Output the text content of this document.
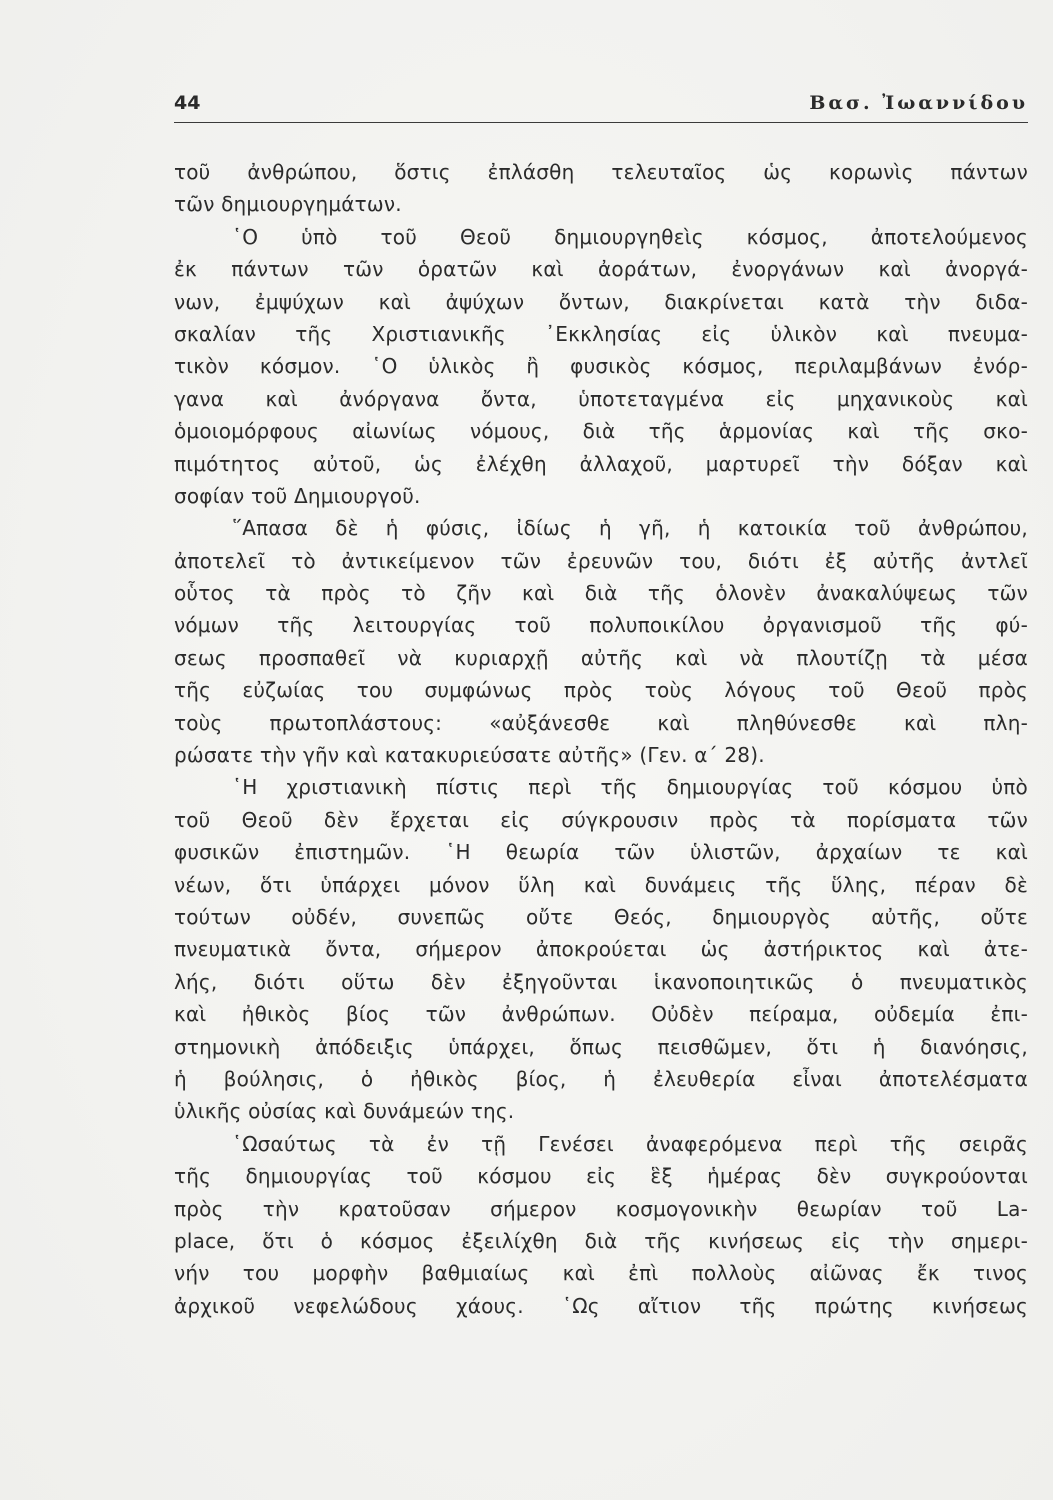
44	Βασ. Ἰωαννίδου
τοῦ ἀνθρώπου, ὅστις ἐπλάσθη τελευταῖος ὡς κορωνὶς πάντων
τῶν δημιουργημάτων.
῾Ο ὑπὸ τοῦ Θεοῦ δημιουργηθεὶς κόσμος, ἀποτελούμενος
ἐκ πάντων τῶν ὁρατῶν καὶ ἀοράτων, ἐνοργάνων καὶ ἀνοργά-
νων, ἐμψύχων καὶ ἀψύχων ὄντων, διακρίνεται κατὰ τὴν διδα-
σκαλίαν τῆς Χριστιανικῆς ᾿Εκκλησίας εἰς ὑλικὸν καὶ πνευμα-
τικὸν κόσμον. ῾Ο ὑλικὸς ἢ φυσικὸς κόσμος, περιλαμβάνων ἐνόρ-
γανα καὶ ἀνόργανα ὄντα, ὑποτεταγμένα εἰς μηχανικοὺς καὶ
ὁμοιομόρφους αἰωνίως νόμους, διὰ τῆς ἁρμονίας καὶ τῆς σκο-
πιμότητος αὐτοῦ, ὡς ἐλέχθη ἀλλαχοῦ, μαρτυρεῖ τὴν δόξαν καὶ
σοφίαν τοῦ Δημιουργοῦ.
῞Απασα δὲ ἡ φύσις, ἰδίως ἡ γῆ, ἡ κατοικία τοῦ ἀνθρώπου,
ἀποτελεῖ τὸ ἀντικείμενον τῶν ἐρευνῶν του, διότι ἐξ αὐτῆς ἀντλεῖ
οὗτος τὰ πρὸς τὸ ζῆν καὶ διὰ τῆς ὁλονὲν ἀνακαλύψεως τῶν
νόμων τῆς λειτουργίας τοῦ πολυποικίλου ὀργανισμοῦ τῆς φύ-
σεως προσπαθεῖ νὰ κυριαρχῇ αὐτῆς καὶ νὰ πλουτίζῃ τὰ μέσα
τῆς εὐζωίας του συμφώνως πρὸς τοὺς λόγους τοῦ Θεοῦ πρὸς
τοὺς πρωτοπλάστους: «αὐξάνεσθε καὶ πληθύνεσθε καὶ πλη-
ρώσατε τὴν γῆν καὶ κατακυριεύσατε αὐτῆς» (Γεν. α΄ 28).
῾Η χριστιανικὴ πίστις περὶ τῆς δημιουργίας τοῦ κόσμου ὑπὸ
τοῦ Θεοῦ δὲν ἔρχεται εἰς σύγκρουσιν πρὸς τὰ πορίσματα τῶν
φυσικῶν ἐπιστημῶν. ῾Η θεωρία τῶν ὑλιστῶν, ἀρχαίων τε καὶ
νέων, ὅτι ὑπάρχει μόνον ὕλη καὶ δυνάμεις τῆς ὕλης, πέραν δὲ
τούτων οὐδέν, συνεπῶς οὔτε Θεός, δημιουργὸς αὐτῆς, οὔτε
πνευματικὰ ὄντα, σήμερον ἀποκρούεται ὡς ἀστήρικτος καὶ ἀτε-
λής, διότι οὕτω δὲν ἐξηγοῦνται ἱκανοποιητικῶς ὁ πνευματικὸς
καὶ ἠθικὸς βίος τῶν ἀνθρώπων. Οὐδὲν πείραμα, οὐδεμία ἐπι-
στημονικὴ ἀπόδειξις ὑπάρχει, ὅπως πεισθῶμεν, ὅτι ἡ διανόησις,
ἡ βούλησις, ὁ ἠθικὸς βίος, ἡ ἐλευθερία εἶναι ἀποτελέσματα
ὑλικῆς οὐσίας καὶ δυνάμεών της.
῾Ωσαύτως τὰ ἐν τῇ Γενέσει ἀναφερόμενα περὶ τῆς σειρᾶς
τῆς δημιουργίας τοῦ κόσμου εἰς ἓξ ἡμέρας δὲν συγκρούονται
πρὸς τὴν κρατοῦσαν σήμερον κοσμογονικὴν θεωρίαν τοῦ La-
place, ὅτι ὁ κόσμος ἐξειλίχθη διὰ τῆς κινήσεως εἰς τὴν σημερι-
νήν του μορφὴν βαθμιαίως καὶ ἐπὶ πολλοὺς αἰῶνας ἔκ τινος
ἀρχικοῦ νεφελώδους χάους. ῾Ως αἴτιον τῆς πρώτης κινήσεως
